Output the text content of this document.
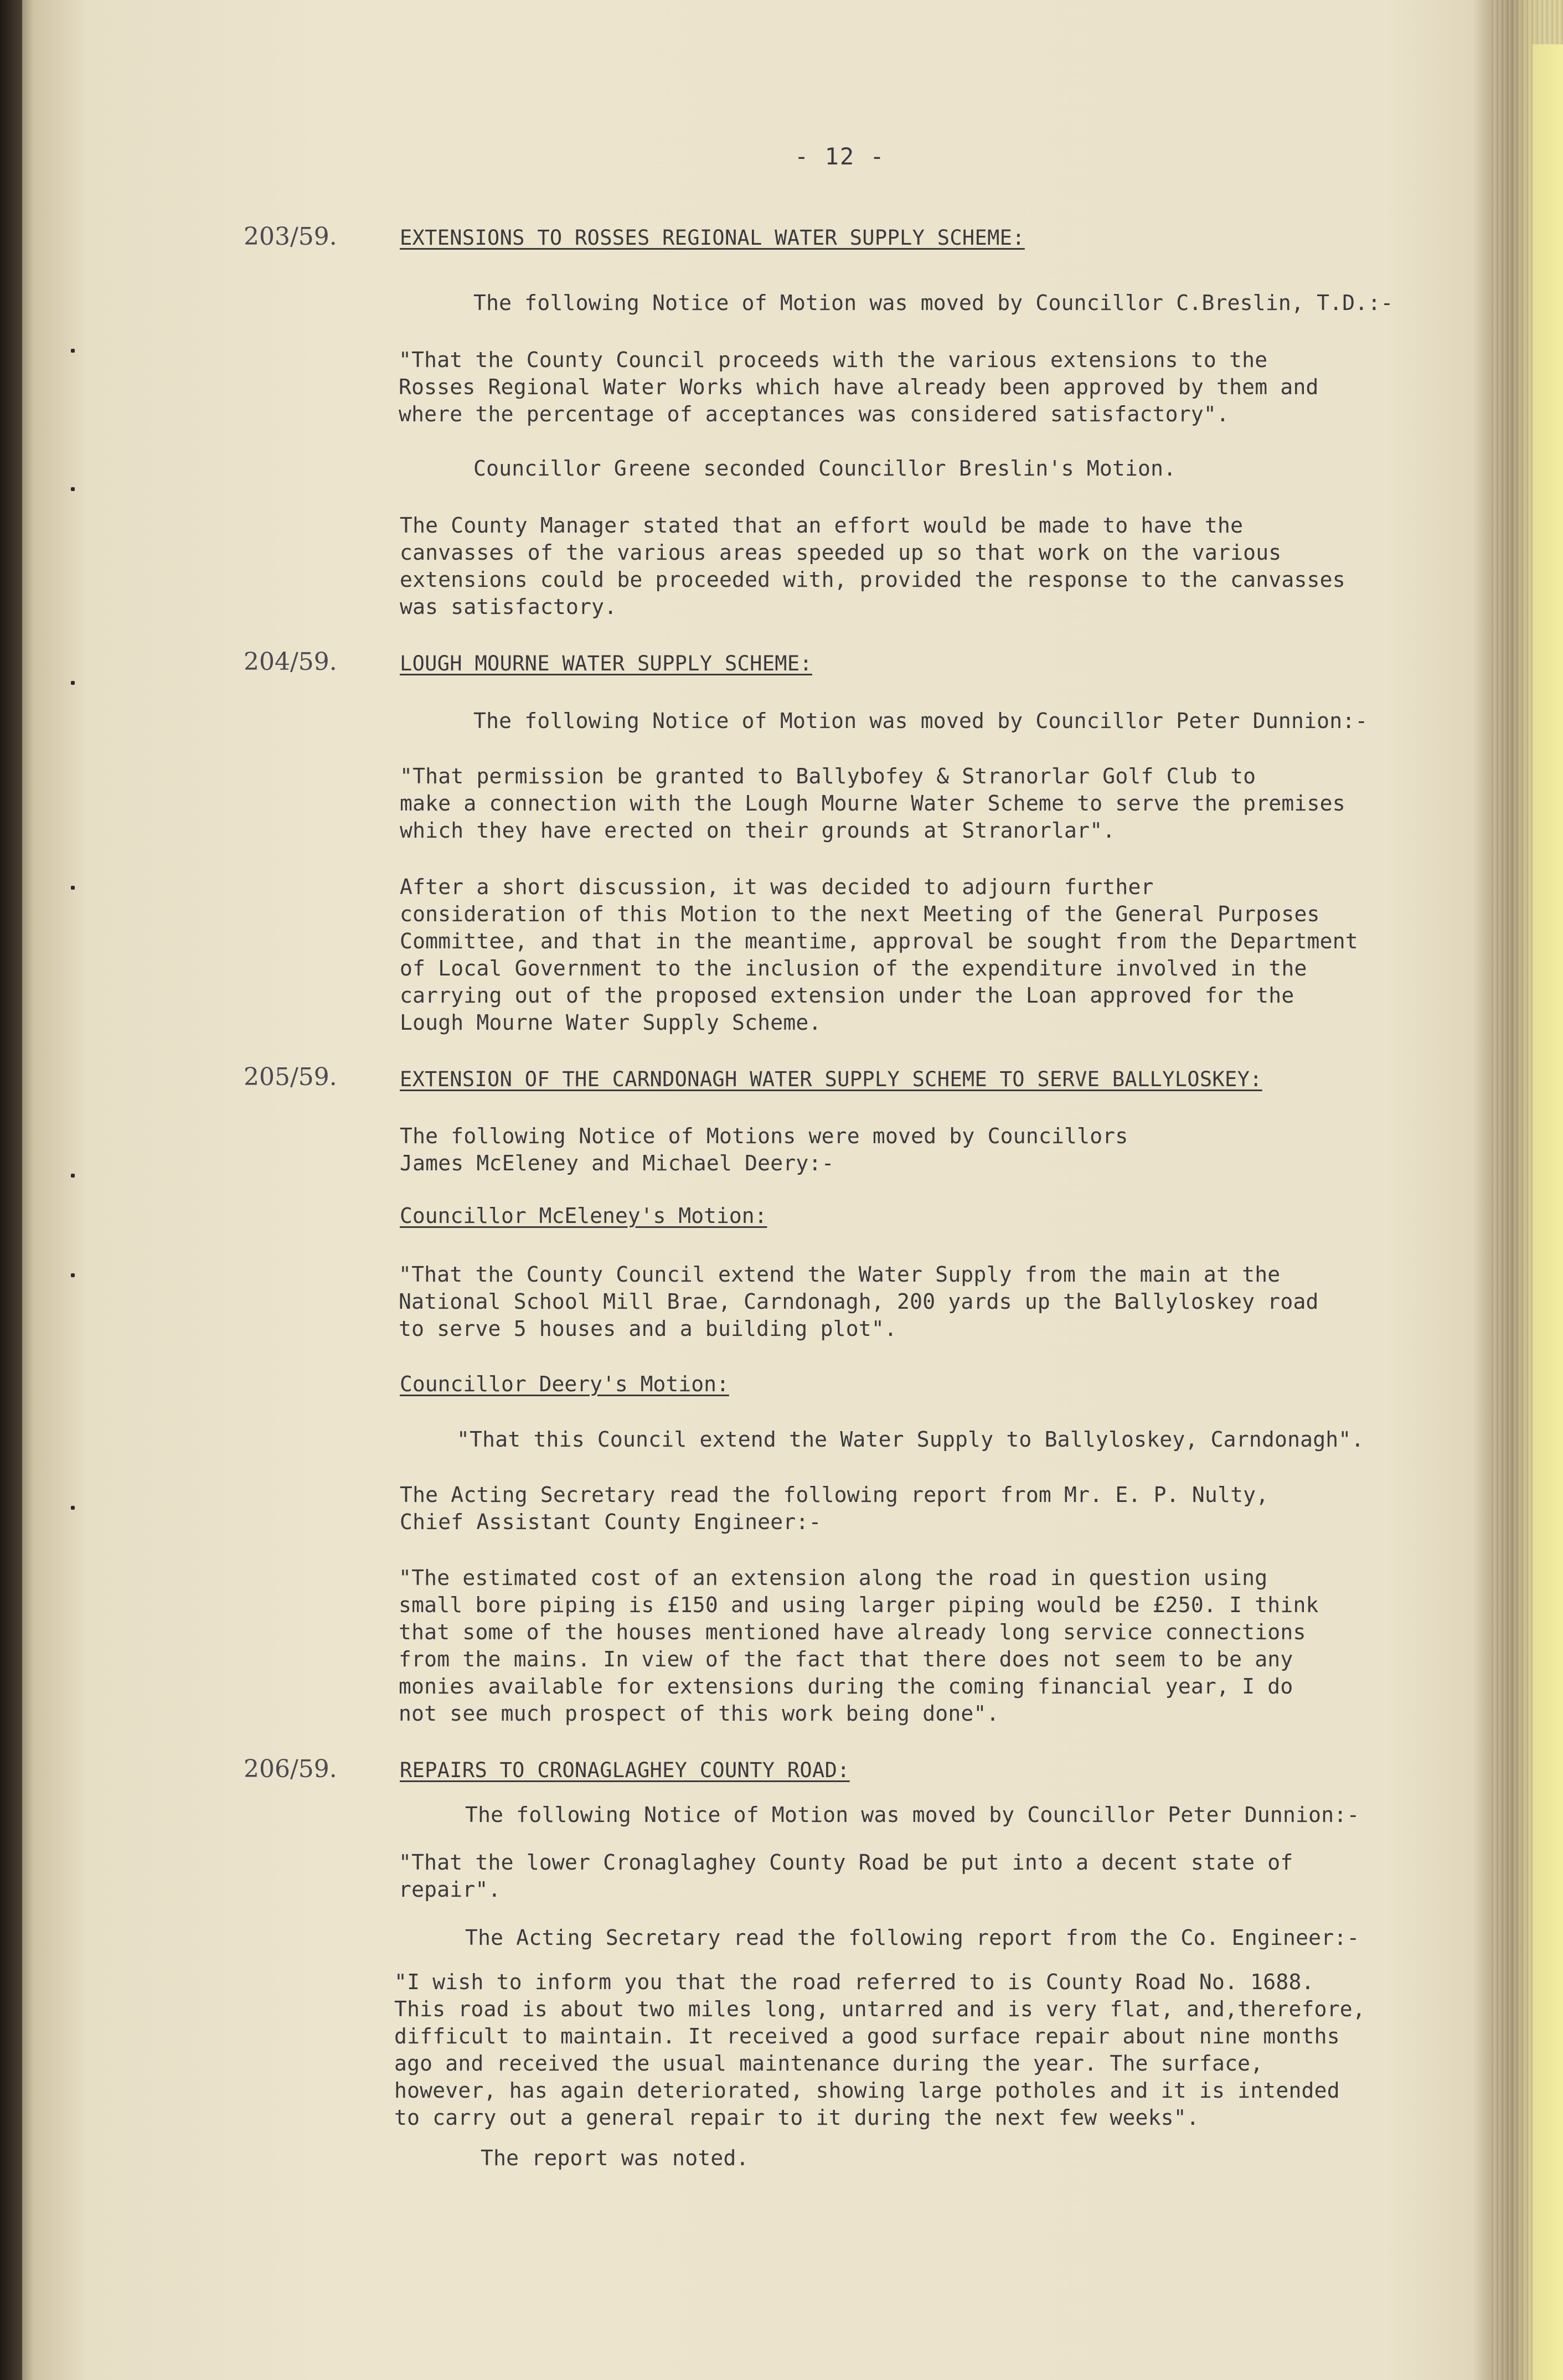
- 12 -
203/59.	EXTENSIONS TO ROSSES REGIONAL WATER SUPPLY SCHEME:
The following Notice of Motion was moved by Councillor C.Breslin, T.D.:-
"That the County Council proceeds with the various extensions to the
Rosses Regional Water Works which have already been approved by them and
where the percentage of acceptances was considered satisfactory".
Councillor Greene seconded Councillor Breslin's Motion.
The County Manager stated that an effort would be made to have the
canvasses of the various areas speeded up so that work on the various
extensions could be proceeded with, provided the response to the canvasses
was satisfactory.
204/59.	LOUGH MOURNE WATER SUPPLY SCHEME:
The following Notice of Motion was moved by Councillor Peter Dunnion:-
"That permission be granted to Ballybofey & Stranorlar Golf Club to
make a connection with the Lough Mourne Water Scheme to serve the premises
which they have erected on their grounds at Stranorlar".
After a short discussion, it was decided to adjourn further
consideration of this Motion to the next Meeting of the General Purposes
Committee, and that in the meantime, approval be sought from the Department
of Local Government to the inclusion of the expenditure involved in the
carrying out of the proposed extension under the Loan approved for the
Lough Mourne Water Supply Scheme.
205/59.	EXTENSION OF THE CARNDONAGH WATER SUPPLY SCHEME TO SERVE BALLYLOSKEY:
The following Notice of Motions were moved by Councillors
James McEleney and Michael Deery:-
Councillor McEleney's Motion:
"That the County Council extend the Water Supply from the main at the
National School Mill Brae, Carndonagh, 200 yards up the Ballyloskey road
to serve 5 houses and a building plot".
Councillor Deery's Motion:
"That this Council extend the Water Supply to Ballyloskey, Carndonagh".
The Acting Secretary read the following report from Mr. E. P. Nulty,
Chief Assistant County Engineer:-
"The estimated cost of an extension along the road in question using
small bore piping is £150 and using larger piping would be £250. I think
that some of the houses mentioned have already long service connections
from the mains. In view of the fact that there does not seem to be any
monies available for extensions during the coming financial year, I do
not see much prospect of this work being done".
206/59.	REPAIRS TO CRONAGLAGHEY COUNTY ROAD:
The following Notice of Motion was moved by Councillor Peter Dunnion:-
"That the lower Cronaglaghey County Road be put into a decent state of
repair".
The Acting Secretary read the following report from the Co. Engineer:-
"I wish to inform you that the road referred to is County Road No. 1688.
This road is about two miles long, untarred and is very flat, and,therefore,
difficult to maintain. It received a good surface repair about nine months
ago and received the usual maintenance during the year. The surface,
however, has again deteriorated, showing large potholes and it is intended
to carry out a general repair to it during the next few weeks".
The report was noted.
